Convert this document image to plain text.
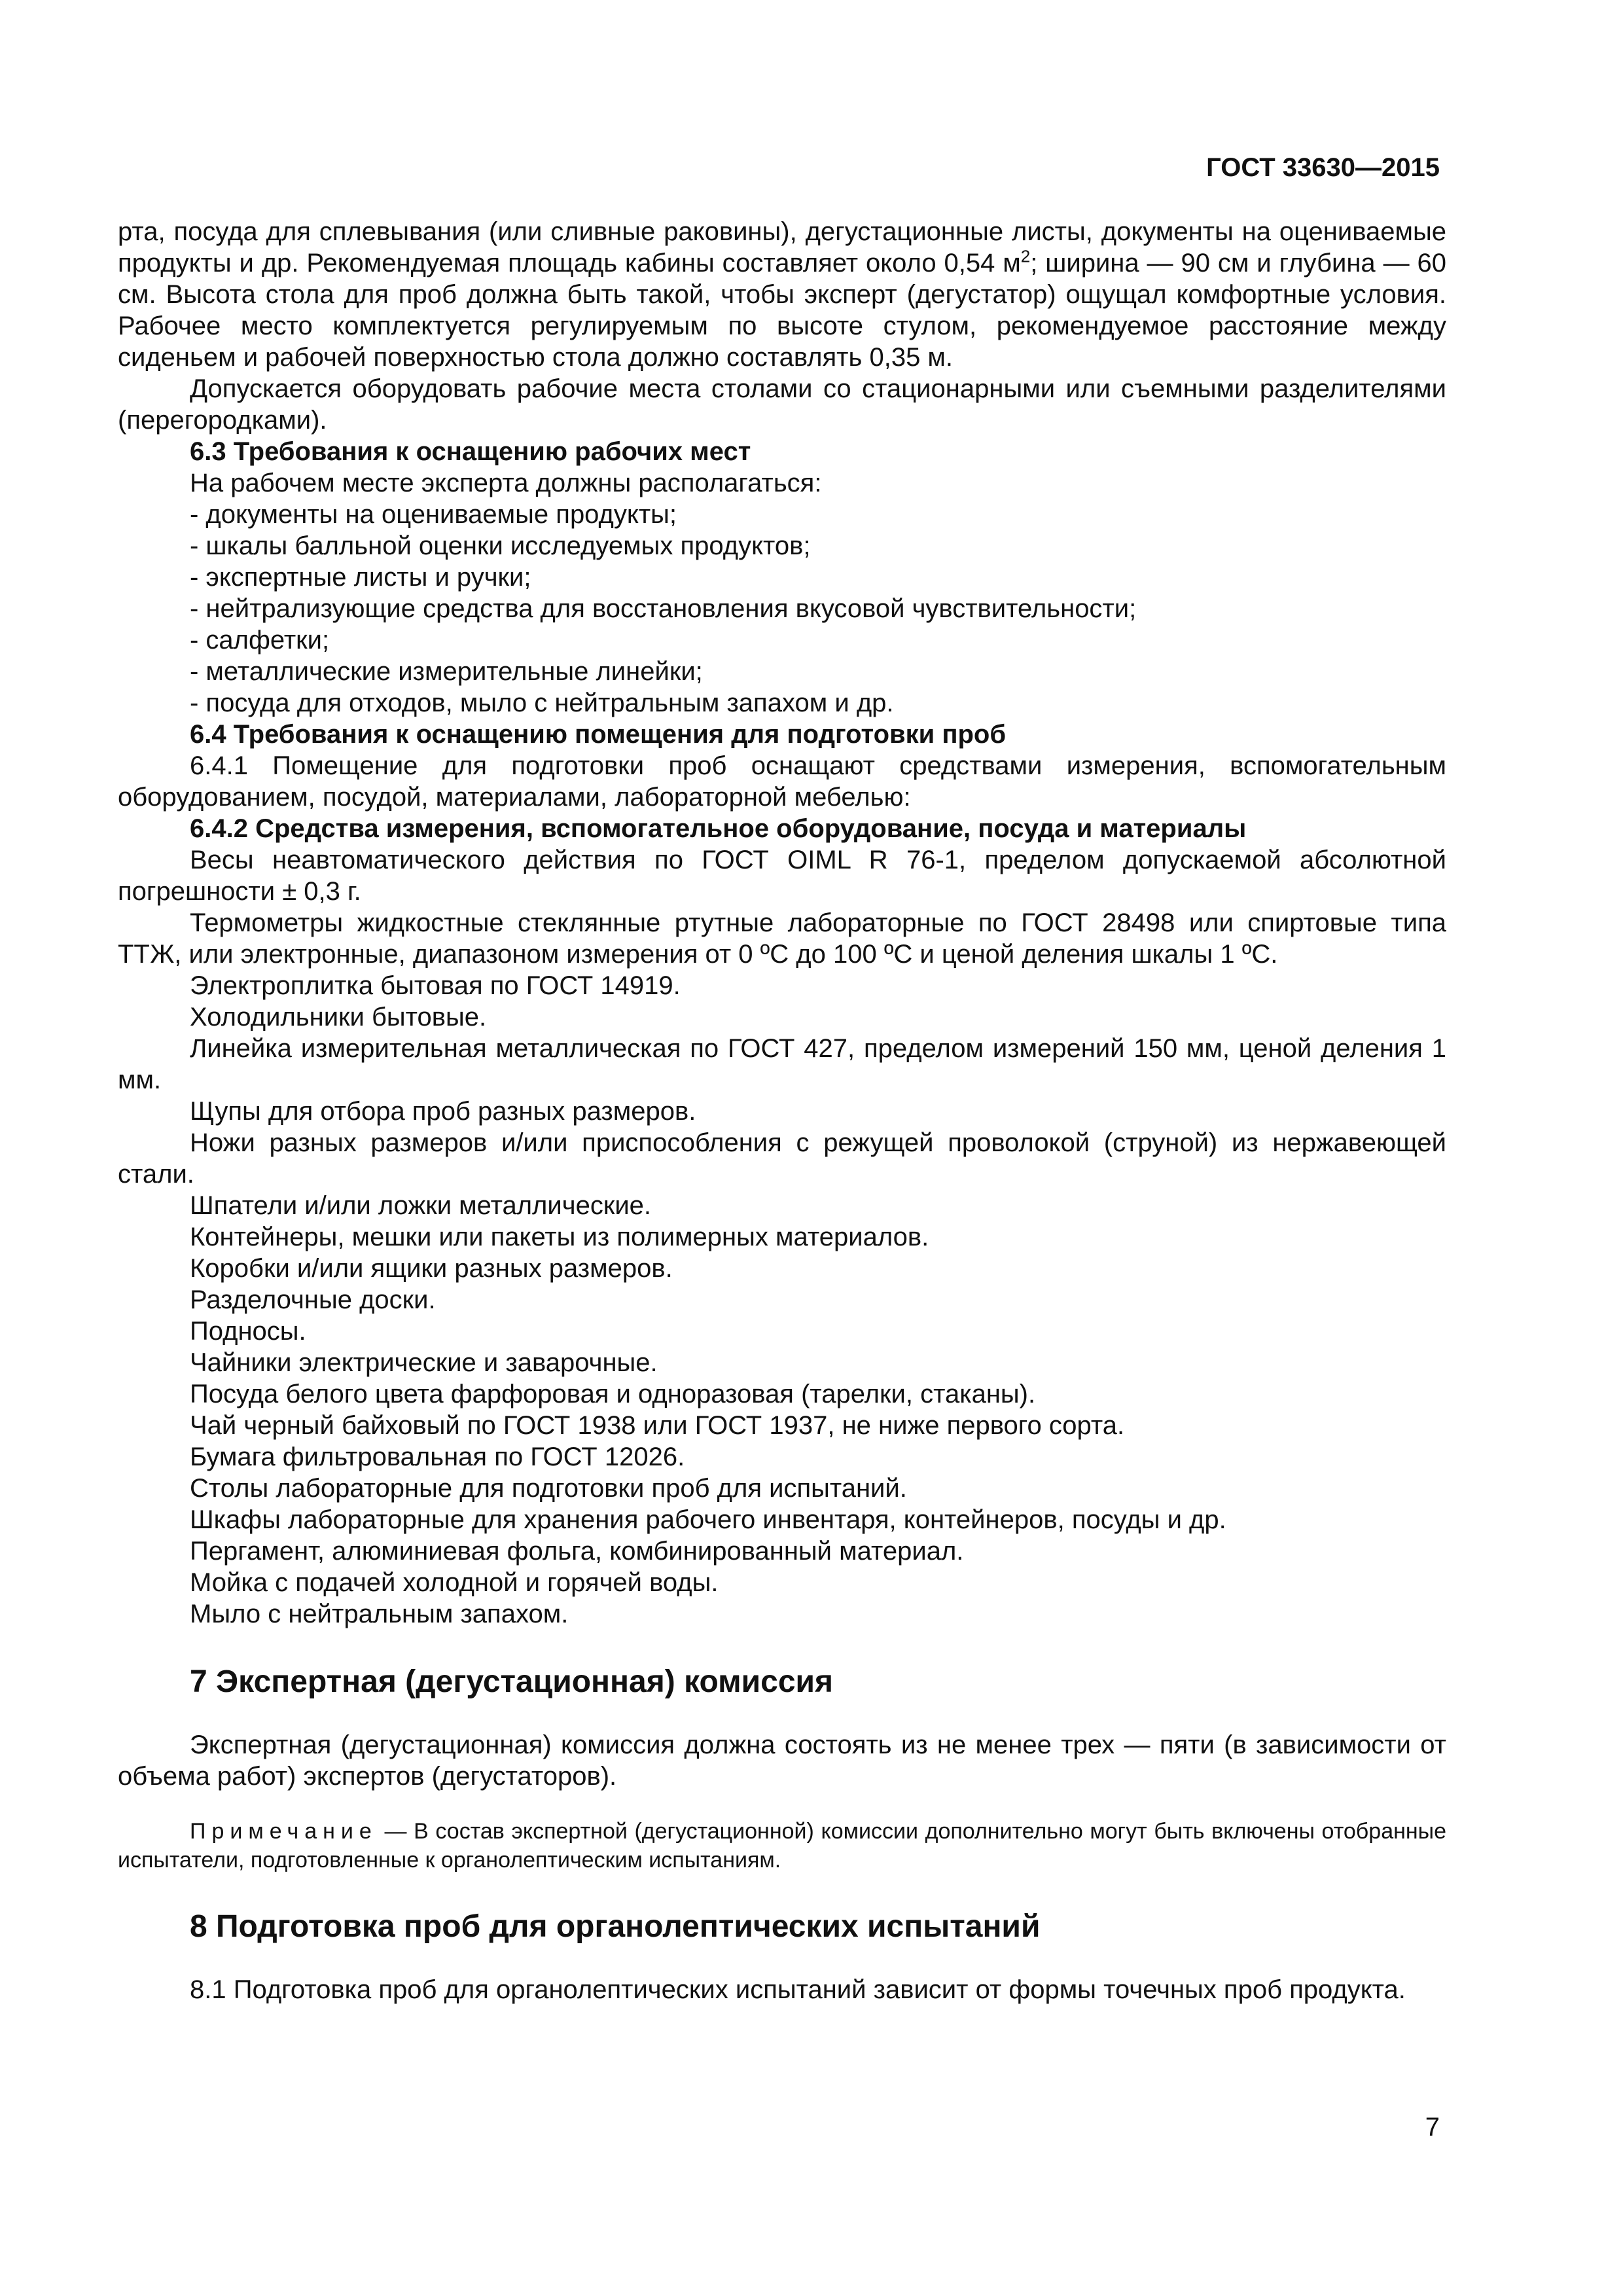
ГОСТ 33630—2015

рта, посуда для сплевывания (или сливные раковины), дегустационные листы, документы на оцениваемые продукты и др. Рекомендуемая площадь кабины составляет около 0,54 $м^2$; ширина — 90 см и глубина — 60 см. Высота стола для проб должна быть такой, чтобы эксперт (дегустатор) ощущал комфортные условия. Рабочее место комплектуется регулируемым по высоте стулом, рекомендуемое расстояние между сиденьем и рабочей поверхностью стола должно составлять 0,35 м.

Допускается оборудовать рабочие места столами со стационарными или съемными разделителями (перегородками).

6.3 Требования к оснащению рабочих мест

На рабочем месте эксперта должны располагаться:

- документы на оцениваемые продукты;

- шкалы балльной оценки исследуемых продуктов;

- экспертные листы и ручки;

- нейтрализующие средства для восстановления вкусовой чувствительности;

- салфетки;

- металлические измерительные линейки;

- посуда для отходов, мыло с нейтральным запахом и др.

6.4 Требования к оснащению помещения для подготовки проб

6.4.1 Помещение для подготовки проб оснащают средствами измерения, вспомогательным оборудованием, посудой, материалами, лабораторной мебелью:

6.4.2 Средства измерения, вспомогательное оборудование, посуда и материалы

Весы неавтоматического действия по ГОСТ OIML R 76-1, пределом допускаемой абсолютной погрешности ± 0,3 г.

Термометры жидкостные стеклянные ртутные лабораторные по ГОСТ 28498 или спиртовые типа ТТЖ, или электронные, диапазоном измерения от 0 ºС до 100 ºС и ценой деления шкалы 1 ºС.

Электроплитка бытовая по ГОСТ 14919.

Холодильники бытовые.

Линейка измерительная металлическая по ГОСТ 427, пределом измерений 150 мм, ценой деления 1 мм.

Щупы для отбора проб разных размеров.

Ножи разных размеров и/или приспособления с режущей проволокой (струной) из нержавеющей стали.

Шпатели и/или ложки металлические.

Контейнеры, мешки или пакеты из полимерных материалов.

Коробки и/или ящики разных размеров.

Разделочные доски.

Подносы.

Чайники электрические и заварочные.

Посуда белого цвета фарфоровая и одноразовая (тарелки, стаканы).

Чай черный байховый по ГОСТ 1938 или ГОСТ 1937, не ниже первого сорта.

Бумага фильтровальная по ГОСТ 12026.

Столы лабораторные для подготовки проб для испытаний.

Шкафы лабораторные для хранения рабочего инвентаря, контейнеров, посуды и др.

Пергамент, алюминиевая фольга, комбинированный материал.

Мойка с подачей холодной и горячей воды.

Мыло с нейтральным запахом.

7 Экспертная (дегустационная) комиссия

Экспертная (дегустационная) комиссия должна состоять из не менее трех — пяти (в зависимости от объема работ) экспертов (дегустаторов).

Примечание — В состав экспертной (дегустационной) комиссии дополнительно могут быть включены отобранные испытатели, подготовленные к органолептическим испытаниям.

8 Подготовка проб для органолептических испытаний

8.1 Подготовка проб для органолептических испытаний зависит от формы точечных проб продукта.

7
